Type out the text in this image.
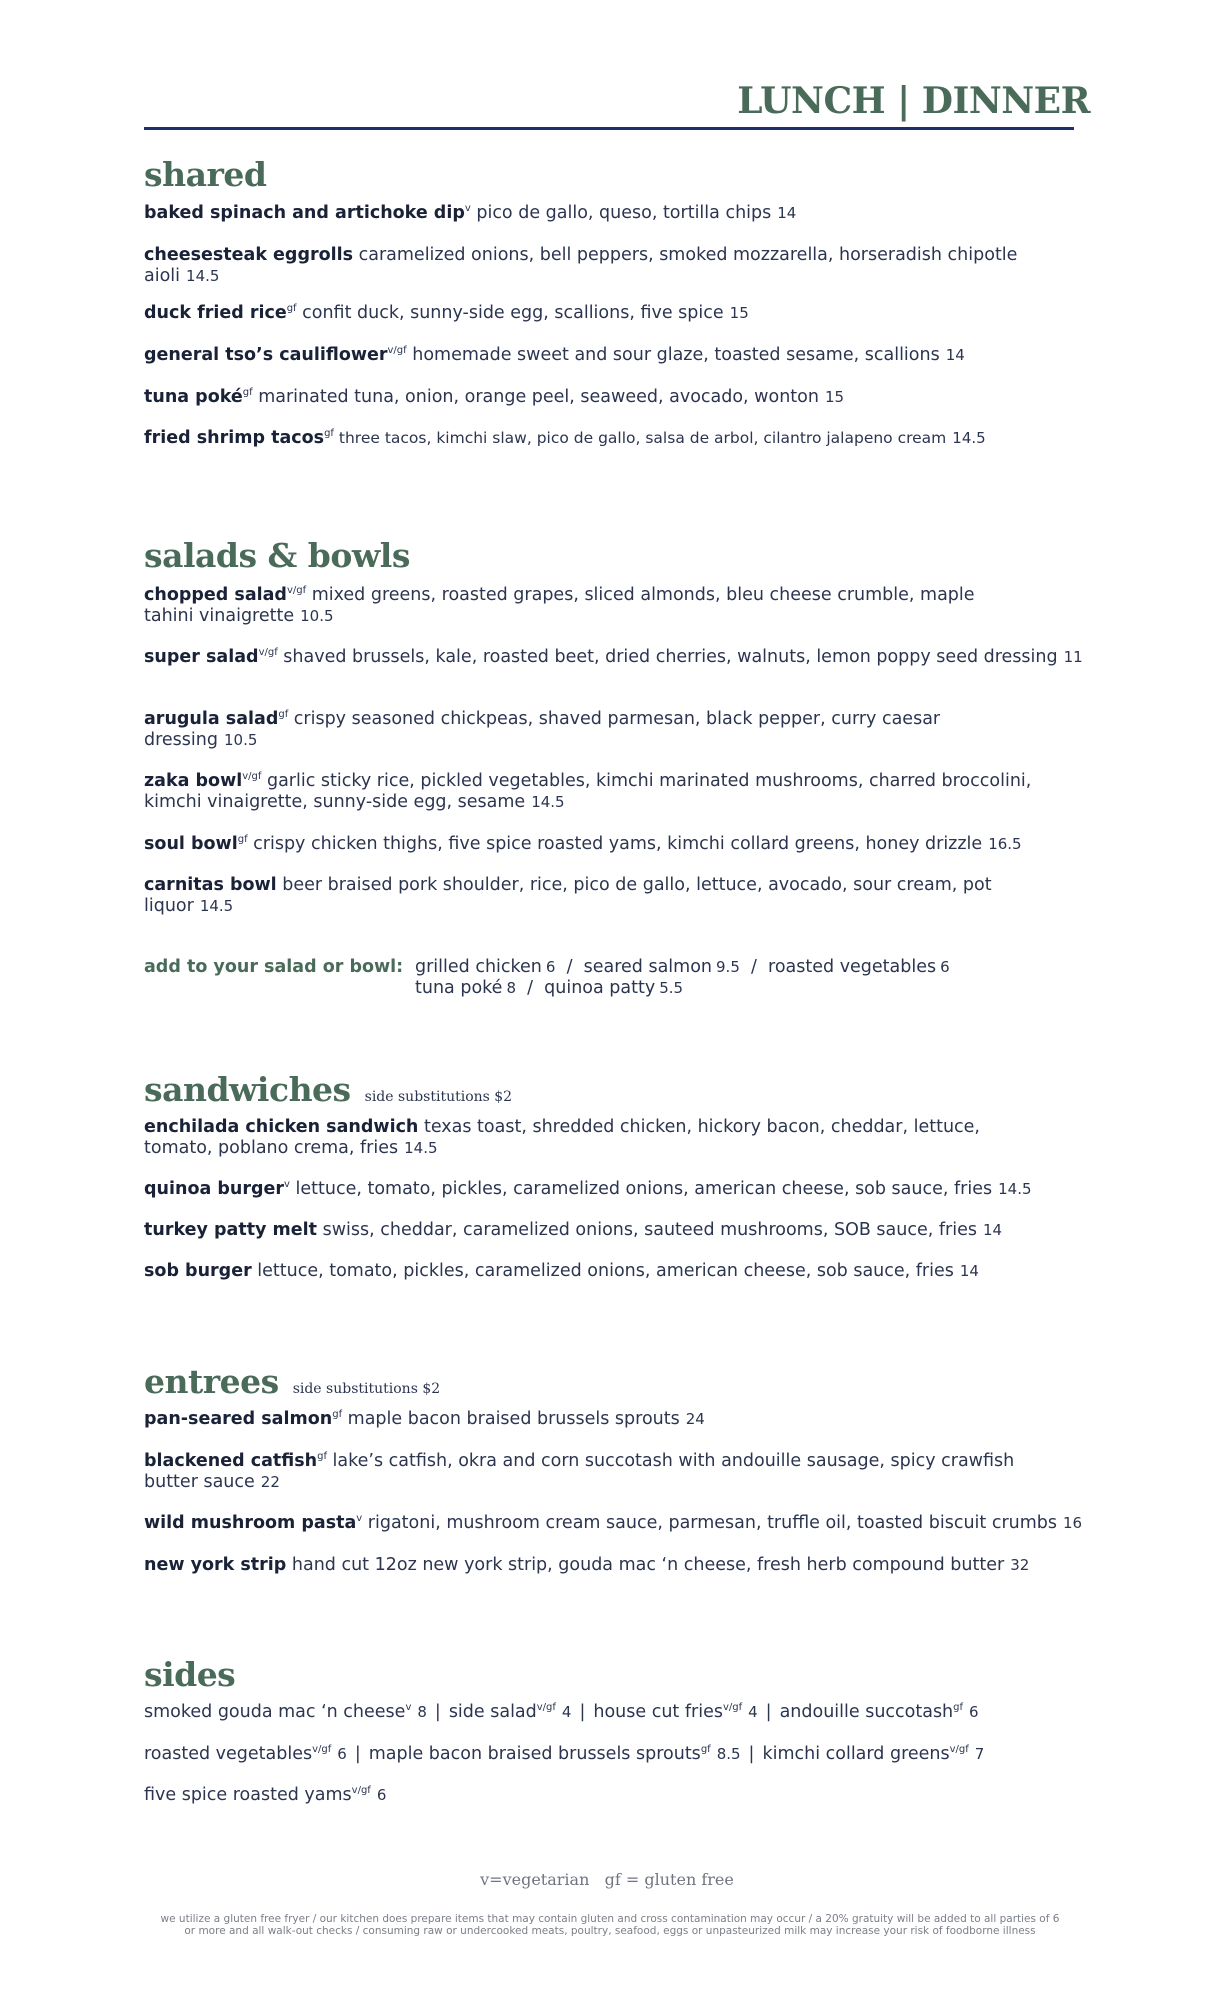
LUNCH | DINNER
shared
baked spinach and artichoke dip$^v$ pico de gallo, queso, tortilla chips 14
cheesesteak eggrolls caramelized onions, bell peppers, smoked mozzarella, horseradish chipotle aioli 14.5
duck fried rice$^{gf}$ confit duck, sunny-side egg, scallions, five spice 15
general tso’s cauliflower$^{v/gf}$ homemade sweet and sour glaze, toasted sesame, scallions 14
tuna poké$^{gf}$ marinated tuna, onion, orange peel, seaweed, avocado, wonton 15
fried shrimp tacos$^{gf}$ three tacos, kimchi slaw, pico de gallo, salsa de arbol, cilantro jalapeno cream 14.5
salads & bowls
chopped salad$^{v/gf}$ mixed greens, roasted grapes, sliced almonds, bleu cheese crumble, maple tahini vinaigrette 10.5
super salad$^{v/gf}$ shaved brussels, kale, roasted beet, dried cherries, walnuts, lemon poppy seed dressing 11
arugula salad$^{gf}$ crispy seasoned chickpeas, shaved parmesan, black pepper, curry caesar dressing 10.5
zaka bowl$^{v/gf}$ garlic sticky rice, pickled vegetables, kimchi marinated mushrooms, charred broccolini, kimchi vinaigrette, sunny-side egg, sesame 14.5
soul bowl$^{gf}$ crispy chicken thighs, five spice roasted yams, kimchi collard greens, honey drizzle 16.5
carnitas bowl beer braised pork shoulder, rice, pico de gallo, lettuce, avocado, sour cream, pot liquor 14.5
add to your salad or bowl: grilled chicken 6  /  seared salmon 9.5  /  roasted vegetables 6
tuna poké 8  /  quinoa patty 5.5
sandwiches side substitutions $2
enchilada chicken sandwich texas toast, shredded chicken, hickory bacon, cheddar, lettuce, tomato, poblano crema, fries 14.5
quinoa burger$^v$ lettuce, tomato, pickles, caramelized onions, american cheese, sob sauce, fries 14.5
turkey patty melt swiss, cheddar, caramelized onions, sauteed mushrooms, SOB sauce, fries 14
sob burger lettuce, tomato, pickles, caramelized onions, american cheese, sob sauce, fries 14
entrees side substitutions $2
pan-seared salmon$^{gf}$ maple bacon braised brussels sprouts 24
blackened catfish$^{gf}$ lake’s catfish, okra and corn succotash with andouille sausage, spicy crawfish butter sauce 22
wild mushroom pasta$^v$ rigatoni, mushroom cream sauce, parmesan, truffle oil, toasted biscuit crumbs 16
new york strip hand cut 12oz new york strip, gouda mac ‘n cheese, fresh herb compound butter 32
sides
smoked gouda mac ‘n cheese$^v$ 8 | side salad$^{v/gf}$ 4 | house cut fries$^{v/gf}$ 4 | andouille succotash$^{gf}$ 6
roasted vegetables$^{v/gf}$ 6 | maple bacon braised brussels sprouts$^{gf}$ 8.5 | kimchi collard greens$^{v/gf}$ 7
five spice roasted yams$^{v/gf}$ 6
v=vegetarian   gf = gluten free
we utilize a gluten free fryer / our kitchen does prepare items that may contain gluten and cross contamination may occur / a 20% gratuity will be added to all parties of 6 or more and all walk-out checks / consuming raw or undercooked meats, poultry, seafood, eggs or unpasteurized milk may increase your risk of foodborne illness
